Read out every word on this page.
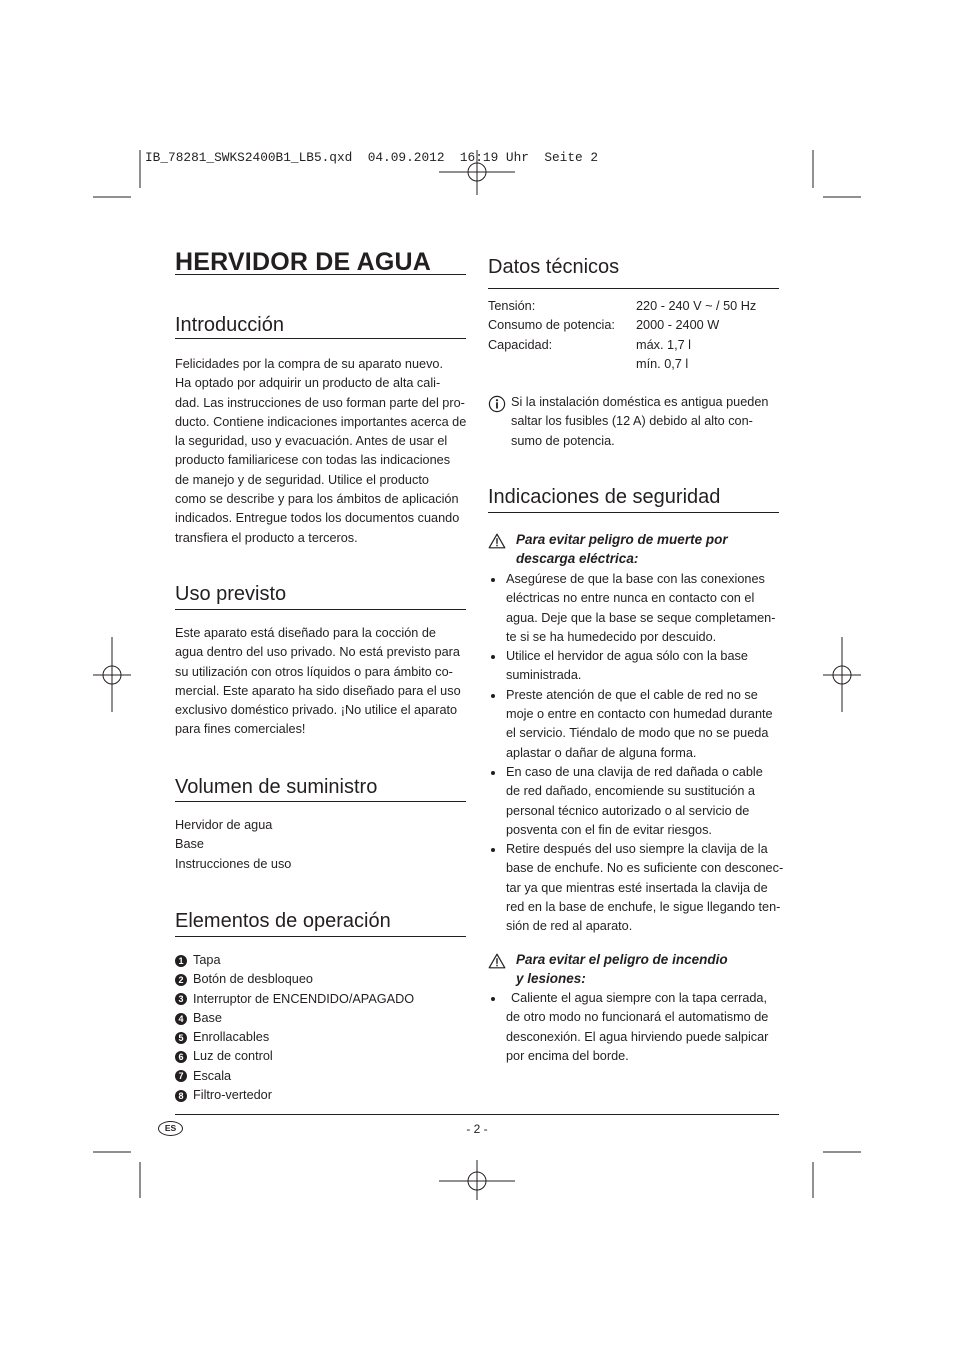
IB_78281_SWKS2400B1_LB5.qxd  04.09.2012  16:19 Uhr  Seite 2
HERVIDOR DE AGUA
Introducción
Felicidades por la compra de su aparato nuevo.
Ha optado por adquirir un producto de alta cali-
dad. Las instrucciones de uso forman parte del pro-
ducto. Contiene indicaciones importantes acerca de
la seguridad, uso y evacuación. Antes de usar el
producto familiaricese con todas las indicaciones
de manejo y de seguridad. Utilice el producto
como se describe y para los ámbitos de aplicación
indicados. Entregue todos los documentos cuando
transfiera el producto a terceros.
Uso previsto
Este aparato está diseñado para la cocción de
agua dentro del uso privado. No está previsto para
su utilización con otros líquidos o para ámbito co-
mercial. Este aparato ha sido diseñado para el uso
exclusivo doméstico privado. ¡No utilice el aparato
para fines comerciales!
Volumen de suministro
Hervidor de agua
Base
Instrucciones de uso
Elementos de operación
1 Tapa
2 Botón de desbloqueo
3 Interruptor de ENCENDIDO/APAGADO
4 Base
5 Enrollacables
6 Luz de control
7 Escala
8 Filtro-vertedor
Datos técnicos
Tensión:	220 - 240 V ~ / 50 Hz
Consumo de potencia: 2000 - 2400 W
Capacidad:	máx. 1,7 l
mín. 0,7 l
Si la instalación doméstica es antigua pueden
saltar los fusibles (12 A) debido al alto con-
sumo de potencia.
Indicaciones de seguridad
Para evitar peligro de muerte por
descarga eléctrica:
Asegúrese de que la base con las conexiones
eléctricas no entre nunca en contacto con el
agua. Deje que la base se seque completamen-
te si se ha humedecido por descuido.
Utilice el hervidor de agua sólo con la base
suministrada.
Preste atención de que el cable de red no se
moje o entre en contacto con humedad durante
el servicio. Tiéndalo de modo que no se pueda
aplastar o dañar de alguna forma.
En caso de una clavija de red dañada o cable
de red dañado, encomiende su sustitución a
personal técnico autorizado o al servicio de
posventa con el fin de evitar riesgos.
Retire después del uso siempre la clavija de la
base de enchufe. No es suficiente con desconec-
tar ya que mientras esté insertada la clavija de
red en la base de enchufe, le sigue llegando ten-
sión de red al aparato.
Para evitar el peligro de incendio
y lesiones:
Caliente el agua siempre con la tapa cerrada,
de otro modo no funcionará el automatismo de
desconexión. El agua hirviendo puede salpicar
por encima del borde.
ES	- 2 -
